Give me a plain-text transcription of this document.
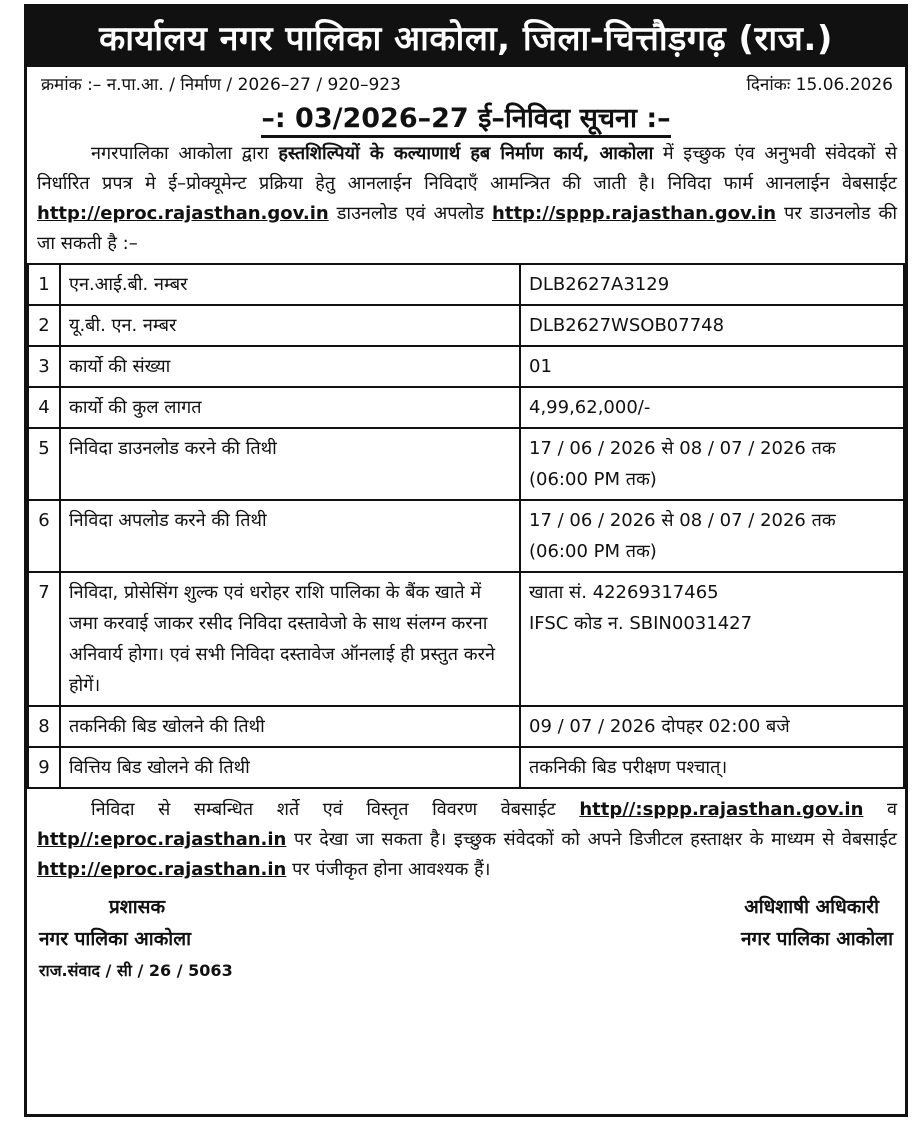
कार्यालय नगर पालिका आकोला, जिला-चित्तौड़गढ़ (राज.)
क्रमांक :– न.पा.आ. / निर्माण / 2026–27 / 920–923	दिनांकः 15.06.2026
–: 03/2026–27 ई–निविदा सूचना :–

नगरपालिका आकोला द्वारा हस्तशिल्पियों के कल्याणार्थ हब निर्माण कार्य, आकोला में इच्छुक एंव अनुभवी संवेदकों से निर्धारित प्रपत्र मे ई–प्रोक्यूमेन्ट प्रक्रिया हेतु आनलाईन निविदाएँ आमन्त्रित की जाती है। निविदा फार्म आनलाईन वेबसाईट http://eproc.rajasthan.gov.in डाउनलोड एवं अपलोड http://sppp.rajasthan.gov.in पर डाउनलोड की जा सकती है :–

1	एन.आई.बी. नम्बर	DLB2627A3129
2	यू.बी. एन. नम्बर	DLB2627WSOB07748
3	कार्यो की संख्या	01
4	कार्यो की कुल लागत	4,99,62,000/-
5	निविदा डाउनलोड करने की तिथी	17 / 06 / 2026 से 08 / 07 / 2026 तक (06:00 PM तक)
6	निविदा अपलोड करने की तिथी	17 / 06 / 2026 से 08 / 07 / 2026 तक (06:00 PM तक)
7	निविदा, प्रोसेसिंग शुल्क एवं धरोहर राशि पालिका के बैंक खाते में जमा करवाई जाकर रसीद निविदा दस्तावेजो के साथ संलग्न करना अनिवार्य होगा। एवं सभी निविदा दस्तावेज ऑनलाई ही प्रस्तुत करने होगें।	खाता सं. 42269317465
IFSC कोड न. SBIN0031427

8	तकनिकी बिड खोलने की तिथी	09 / 07 / 2026 दोपहर 02:00 बजे
9	वित्तिय बिड खोलने की तिथी	तकनिकी बिड परीक्षण पश्चात्।

निविदा से सम्बन्धित शर्ते एवं विस्तृत विवरण वेबसाईट http//:sppp.rajasthan.gov.in व http//:eproc.rajasthan.in पर देखा जा सकता है। इच्छुक संवेदकों को अपने डिजीटल हस्ताक्षर के माध्यम से वेबसाईट http://eproc.rajasthan.in पर पंजीकृत होना आवश्यक हैं।

प्रशासक
नगर पालिका आकोला
राज.संवाद / सी / 26 / 5063
अधिशाषी अधिकारी
नगर पालिका आकोला
